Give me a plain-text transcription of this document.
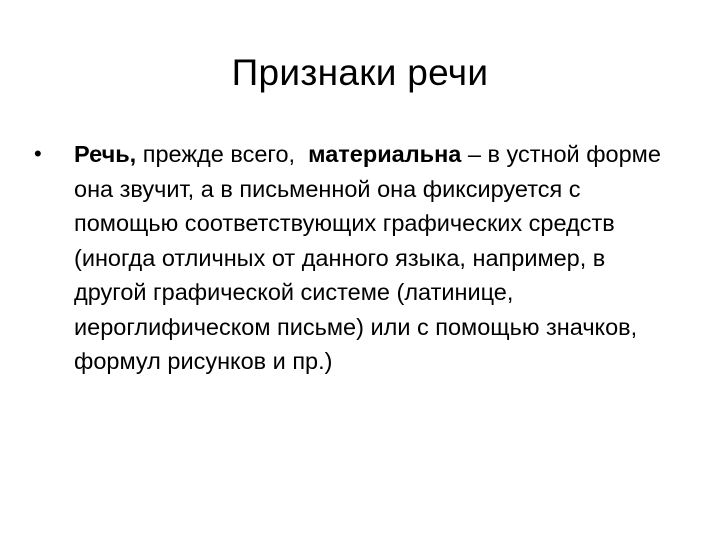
Признаки речи
• Речь, прежде всего,  материальна – в устной форме она звучит, а в письменной она фиксируется с помощью соответствующих графических средств (иногда отличных от данного языка, например, в другой графической системе (латинице, иероглифическом письме) или с помощью значков, формул рисунков и пр.)
